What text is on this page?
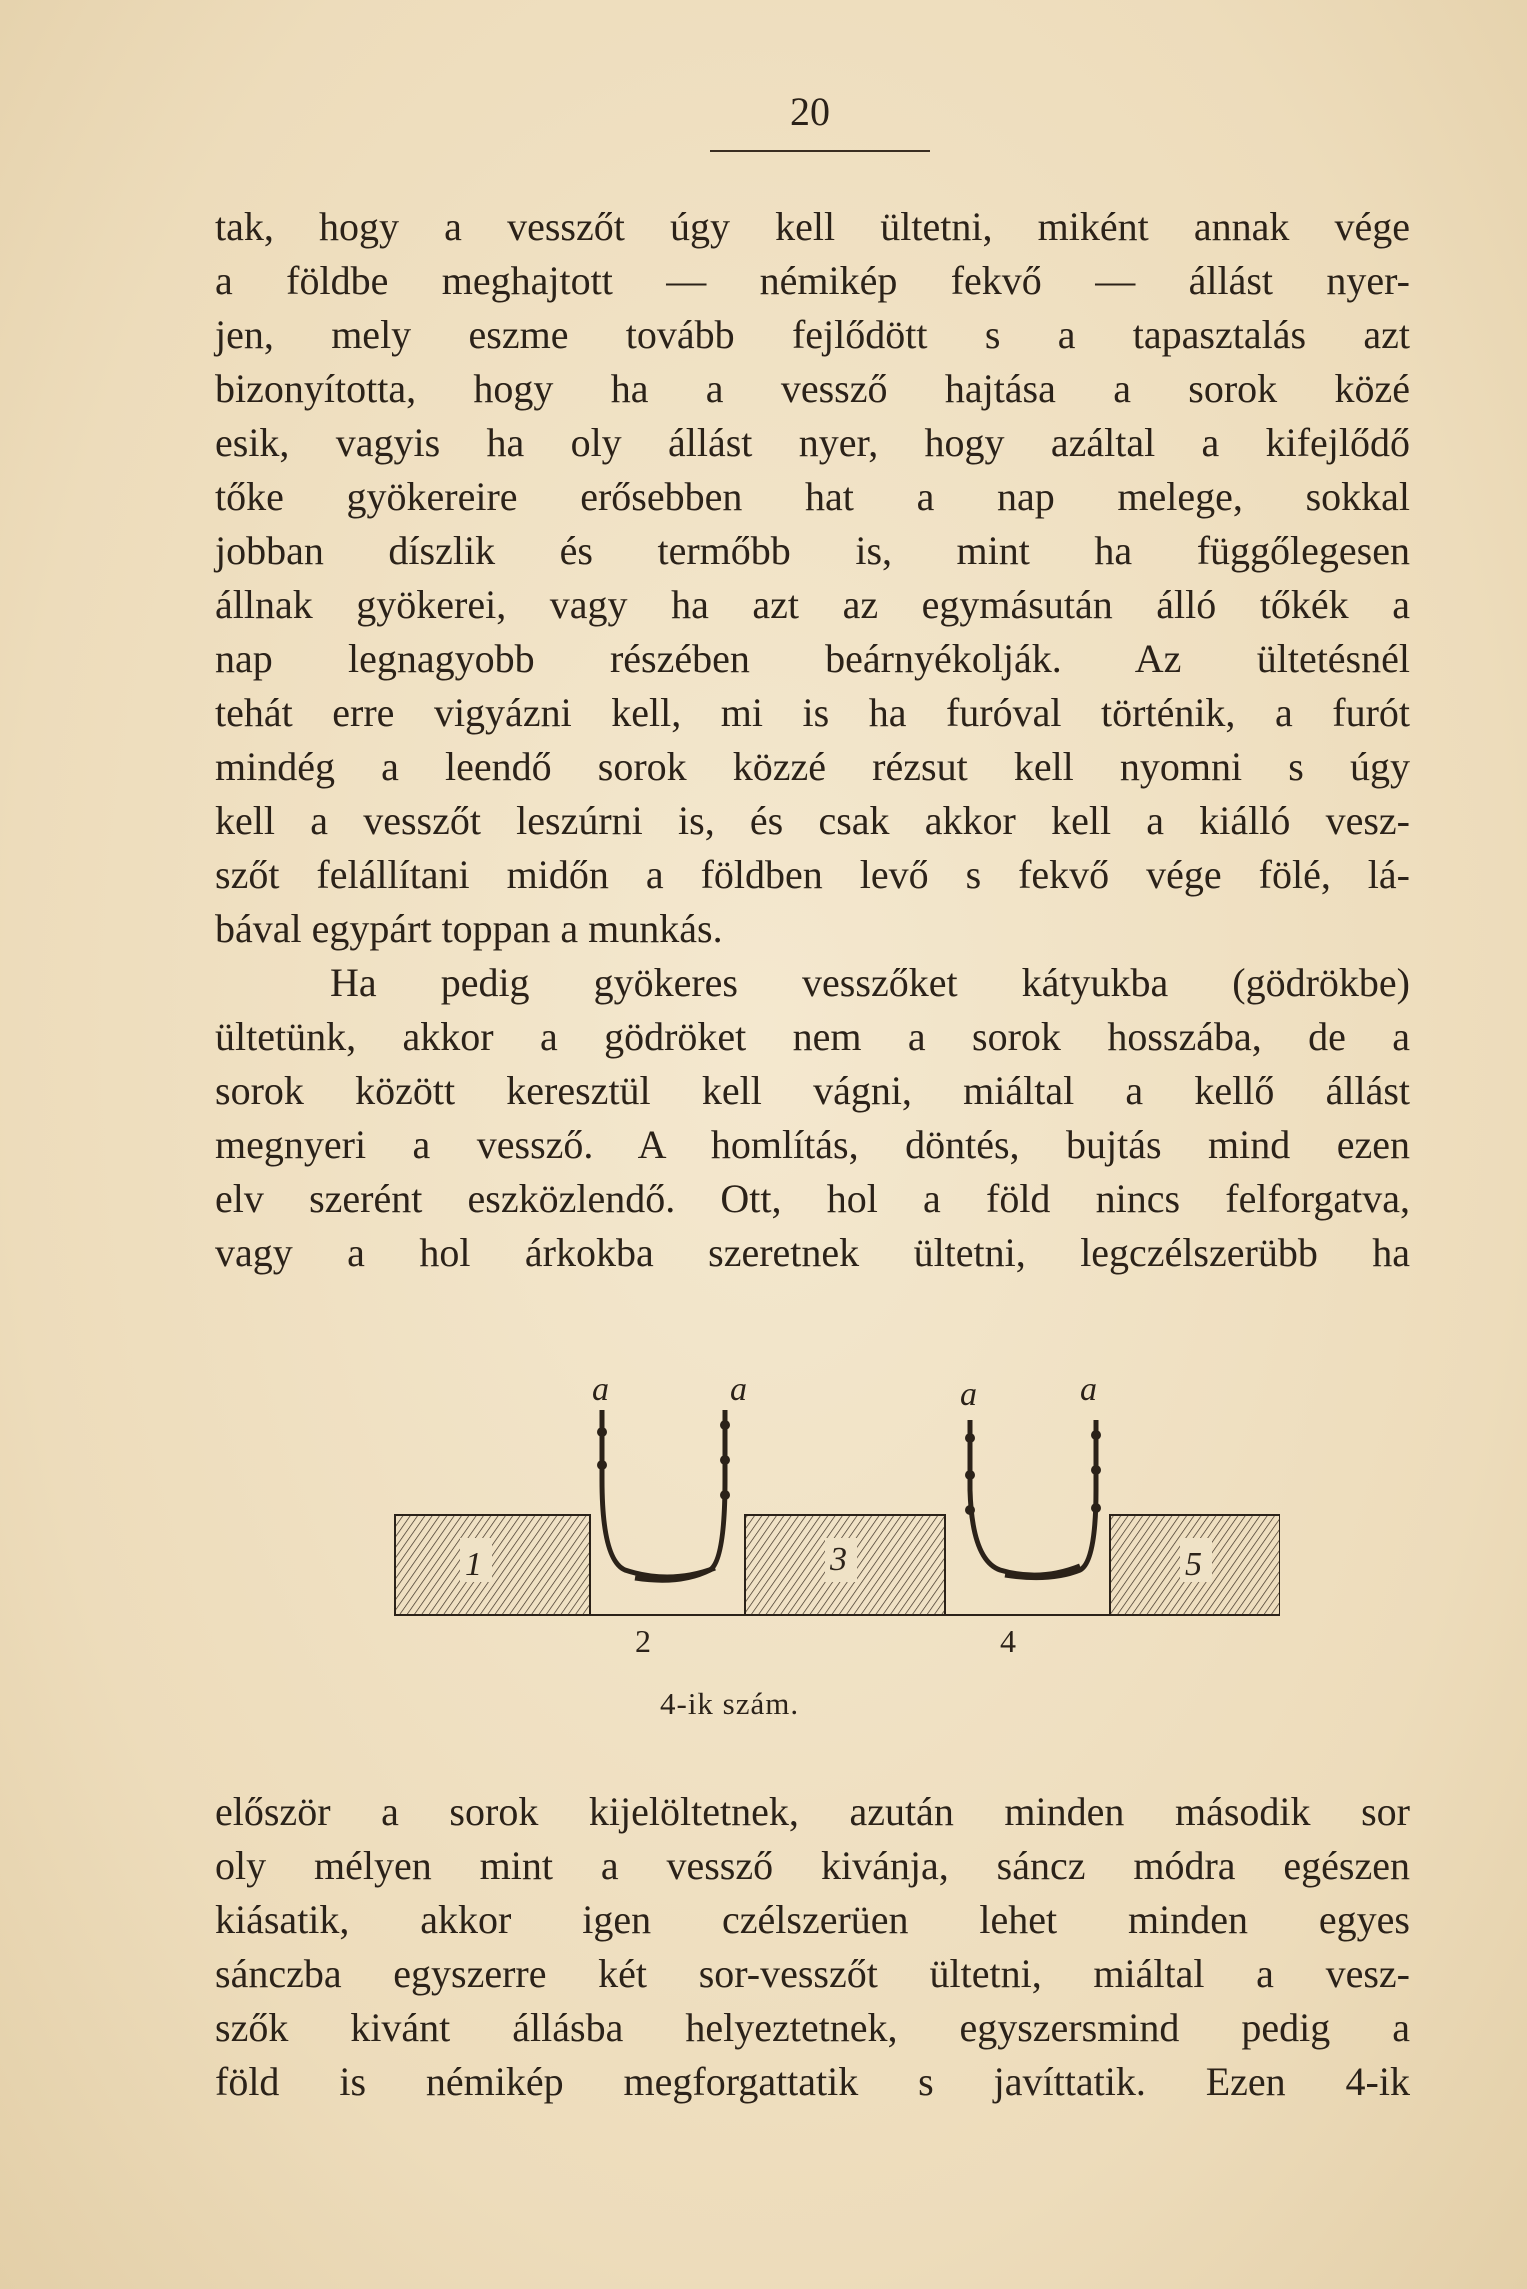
20
tak, hogy a vesszőt úgy kell ültetni, miként annak vége
a földbe meghajtott — némikép fekvő — állást nyer-
jen, mely eszme tovább fejlődött s a tapasztalás azt
bizonyította, hogy ha a vessző hajtása a sorok közé
esik, vagyis ha oly állást nyer, hogy azáltal a kifejlődő
tőke gyökereire erősebben hat a nap melege, sokkal
jobban díszlik és termőbb is, mint ha függőlegesen
állnak gyökerei, vagy ha azt az egymásután álló tőkék a
nap legnagyobb részében beárnyékolják. Az ültetésnél
tehát erre vigyázni kell, mi is ha furóval történik, a furót
mindég a leendő sorok közzé rézsut kell nyomni s úgy
kell a vesszőt leszúrni is, és csak akkor kell a kiálló vesz-
szőt felállítani midőn a földben levő s fekvő vége fölé, lá-
bával egypárt toppan a munkás.
Ha pedig gyökeres vesszőket kátyukba (gödrökbe)
ültetünk, akkor a gödröket nem a sorok hosszába, de a
sorok között keresztül kell vágni, miáltal a kellő állást
megnyeri a vessző. A homlítás, döntés, bujtás mind ezen
elv szerént eszközlendő. Ott, hol a föld nincs felforgatva,
vagy a hol árkokba szeretnek ültetni, legczélszerübb ha
a	a	a	a
1	3	5
2	4
4-ik szám.
először a sorok kijelöltetnek, azután minden második sor
oly mélyen mint a vessző kivánja, sáncz módra egészen
kiásatik, akkor igen czélszerüen lehet minden egyes
sánczba egyszerre két sor-vesszőt ültetni, miáltal a vesz-
szők kivánt állásba helyeztetnek, egyszersmind pedig a
föld is némikép megforgattatik s javíttatik. Ezen 4-ik
